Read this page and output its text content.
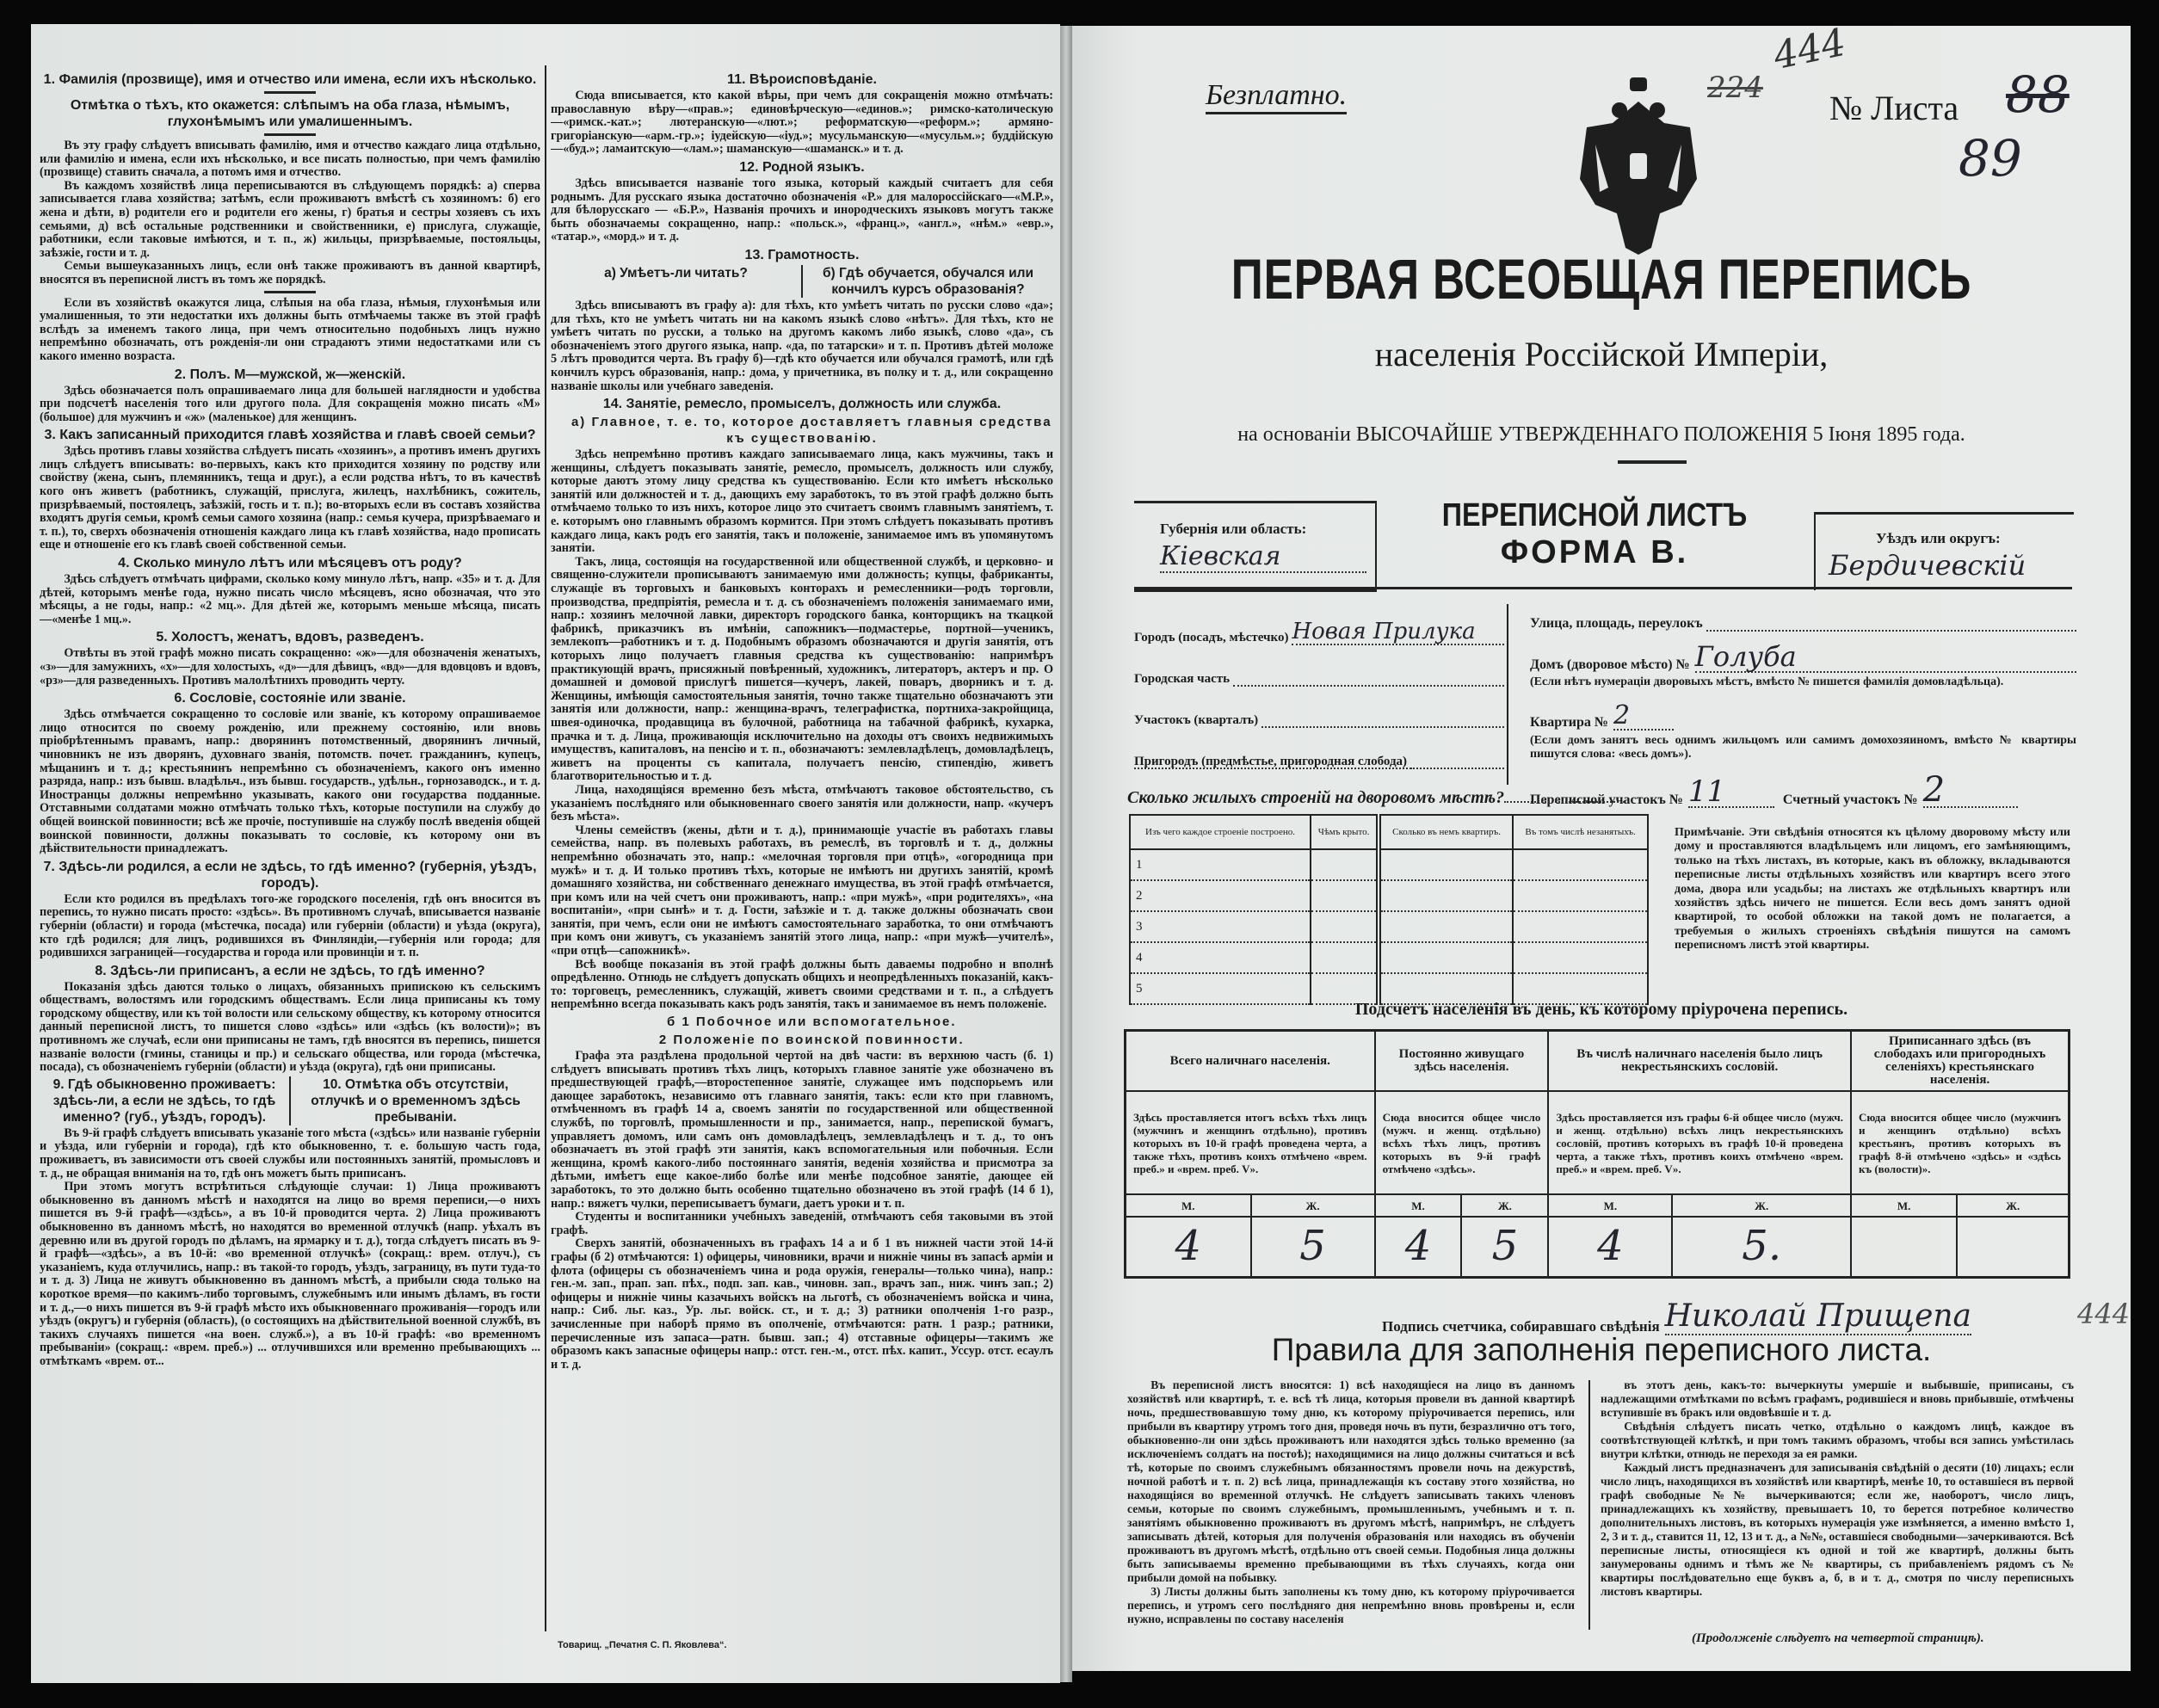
1. Фамилія (прозвище), имя и отчество или имена, если ихъ нѣсколько.
Отмѣтка о тѣхъ, кто окажется: слѣпымъ на оба глаза, нѣмымъ, глухонѣмымъ или умалишеннымъ.

Въ эту графу слѣдуетъ вписывать фамилію, имя и отчество каждаго лица отдѣльно, или фамилію и имена, если ихъ нѣсколько, и все писать полностью, при чемъ фамилію (прозвище) ставить сначала, а потомъ имя и отчество.

Въ каждомъ хозяйствѣ лица переписываются въ слѣдующемъ порядкѣ: а) сперва записывается глава хозяйства; затѣмъ, если проживаютъ вмѣстѣ съ хозяиномъ: б) его жена и дѣти, в) родители его и родители его жены, г) братья и сестры хозяевъ съ ихъ семьями, д) всѣ остальные родственники и свойственники, е) прислуга, служащіе, работники, если таковые имѣются, и т. п., ж) жильцы, призрѣваемые, постояльцы, заѣзжіе, гости и т. д.

Семьи вышеуказанныхъ лицъ, если онѣ также проживаютъ въ данной квартирѣ, вносятся въ переписной листъ въ томъ же порядкѣ.

Если въ хозяйствѣ окажутся лица, слѣпыя на оба глаза, нѣмыя, глухонѣмыя или умалишенныя, то эти недостатки ихъ должны быть отмѣчаемы также въ этой графѣ вслѣдъ за именемъ такого лица, при чемъ относительно подобныхъ лицъ нужно непремѣнно обозначать, отъ рожденія-ли они страдаютъ этими недостатками или съ какого именно возраста.

2. Полъ. М—мужской, ж—женскій.

Здѣсь обозначается полъ опрашиваемаго лица для большей наглядности и удобства при подсчетѣ населенія того или другого пола. Для сокращенія можно писать «М» (большое) для мужчинъ и «ж» (маленькое) для женщинъ.

3. Какъ записанный приходится главѣ хозяйства и главѣ своей семьи?

Здѣсь противъ главы хозяйства слѣдуетъ писать «хозяинъ», а противъ именъ другихъ лицъ слѣдуетъ вписывать: во-первыхъ, какъ кто приходится хозяину по родству или свойству (жена, сынъ, племянникъ, теща и друг.), а если родства нѣтъ, то въ качествѣ кого онъ живетъ (работникъ, служащій, прислуга, жилецъ, нахлѣбникъ, сожитель, призрѣваемый, постоялецъ, заѣзжій, гость и т. п.); во-вторыхъ если въ составъ хозяйства входятъ другія семьи, кромѣ семьи самого хозяина (напр.: семья кучера, призрѣваемаго и т. п.), то, сверхъ обозначенія отношенія каждаго лица къ главѣ хозяйства, надо прописать еще и отношеніе его къ главѣ своей собственной семьи.

4. Сколько минуло лѣтъ или мѣсяцевъ отъ роду?

Здѣсь слѣдуетъ отмѣчать цифрами, сколько кому минуло лѣтъ, напр. «35» и т. д. Для дѣтей, которымъ менѣе года, нужно писать число мѣсяцевъ, ясно обозначая, что это мѣсяцы, а не годы, напр.: «2 мц.». Для дѣтей же, которымъ меньше мѣсяца, писать—«менѣе 1 мц.».

5. Холостъ, женатъ, вдовъ, разведенъ.

Отвѣты въ этой графѣ можно писать сокращенно: «ж»—для обозначенія женатыхъ, «з»—для замужнихъ, «х»—для холостыхъ, «д»—для дѣвицъ, «вд»—для вдовцовъ и вдовъ, «рз»—для разведенныхъ. Противъ малолѣтнихъ проводить черту.

6. Сословіе, состояніе или званіе.

Здѣсь отмѣчается сокращенно то сословіе или званіе, къ которому опрашиваемое лицо относится по своему рожденію, или прежнему состоянію, или вновь пріобрѣтеннымъ правамъ, напр.: дворянинъ потомственный, дворянинъ личный, чиновникъ не изъ дворянъ, духовнаго званія, потомств. почет. гражданинъ, купецъ, мѣщанинъ и т. д.; крестьянинъ непремѣнно съ обозначеніемъ, какого онъ именно разряда, напр.: изъ бывш. владѣльч., изъ бывш. государств., удѣльн., горнозаводск., и т. д. Иностранцы должны непремѣнно указывать, какого они государства подданные. Отставными солдатами можно отмѣчать только тѣхъ, которые поступили на службу до общей воинской повинности; всѣ же прочіе, поступившіе на службу послѣ введенія общей воинской повинности, должны показывать то сословіе, къ которому они въ дѣйствительности принадлежатъ.

7. Здѣсь-ли родился, а если не здѣсь, то гдѣ именно? (губернія, уѣздъ, городъ).

Если кто родился въ предѣлахъ того-же городского поселенія, гдѣ онъ вносится въ перепись, то нужно писать просто: «здѣсь». Въ противномъ случаѣ, вписывается названіе губерніи (области) и города (мѣстечка, посада) или губерніи (области) и уѣзда (округа), кто гдѣ родился; для лицъ, родившихся въ Финляндіи,—губернія или города; для родившихся заграницей—государства и города или провинціи и т. п.

8. Здѣсь-ли приписанъ, а если не здѣсь, то гдѣ именно?

Показанія здѣсь даются только о лицахъ, обязанныхъ припискою къ сельскимъ обществамъ, волостямъ или городскимъ обществамъ. Если лица приписаны къ тому городскому обществу, или къ той волости или сельскому обществу, къ которому относится данный переписной листъ, то пишется слово «здѣсь» или «здѣсь (къ волости)»; въ противномъ же случаѣ, если они приписаны не тамъ, гдѣ вносятся въ перепись, пишется названіе волости (гмины, станицы и пр.) и сельскаго общества, или города (мѣстечка, посада), съ обозначеніемъ губерніи (области) и уѣзда (округа), гдѣ они приписаны.

9. Гдѣ обыкновенно проживаетъ: здѣсь-ли, а если не здѣсь, то гдѣ именно? (губ., уѣздъ, городъ).
10. Отмѣтка объ отсутствіи, отлучкѣ и о временномъ здѣсь пребываніи.

Въ 9-й графѣ слѣдуетъ вписывать указаніе того мѣста («здѣсь» или названіе губерніи и уѣзда, или губерніи и города), гдѣ кто обыкновенно, т. е. большую часть года, проживаетъ, въ зависимости отъ своей службы или постоянныхъ занятій, промысловъ и т. д., не обращая вниманія на то, гдѣ онъ можетъ быть приписанъ.

При этомъ могутъ встрѣтиться слѣдующіе случаи: 1) Лица проживаютъ обыкновенно въ данномъ мѣстѣ и находятся на лицо во время переписи,—о нихъ пишется въ 9-й графѣ—«здѣсь», а въ 10-й проводится черта. 2) Лица проживаютъ обыкновенно въ данномъ мѣстѣ, но находятся во временной отлучкѣ (напр. уѣхалъ въ деревню или въ другой городъ по дѣламъ, на ярмарку и т. д.), тогда слѣдуетъ писать въ 9-й графѣ—«здѣсь», а въ 10-й: «во временной отлучкѣ» (сокращ.: врем. отлуч.), съ указаніемъ, куда отлучились, напр.: въ такой-то городъ, уѣздъ, заграницу, въ пути туда-то и т. д. 3) Лица не живутъ обыкновенно въ данномъ мѣстѣ, а прибыли сюда только на короткое время—по какимъ-либо торговымъ, служебнымъ или инымъ дѣламъ, въ гости и т. д.,—о нихъ пишется въ 9-й графѣ мѣсто ихъ обыкновеннаго проживанія—городъ или уѣздъ (округъ) и губернія (область), (о состоящихъ на дѣйствительной военной службѣ, въ такихъ случаяхъ пишется «на воен. служб.»), а въ 10-й графѣ: «во временномъ пребываніи» (сокращ.: «врем. преб.») ... отлучившихся или временно пребывающихъ ... отмѣткамъ «врем. от...

11. Вѣроисповѣданіе.

Сюда вписывается, кто какой вѣры, при чемъ для сокращенія можно отмѣчать: православную вѣру—«прав.»; единовѣрческую—«единов.»; римско-католическую—«римск.-кат.»; лютеранскую—«лют.»; реформатскую—«реформ.»; армяно-григоріанскую—«арм.-гр.»; іудейскую—«іуд.»; мусульманскую—«мусульм.»; буддійскую—«буд.»; ламаитскую—«лам.»; шаманскую—«шаманск.» и т. д.

12. Родной языкъ.

Здѣсь вписывается названіе того языка, который каждый считаетъ для себя роднымъ. Для русскаго языка достаточно обозначенія «Р.» для малороссійскаго—«М.Р.», для бѣлорусскаго — «Б.Р.», Названія прочихъ и инородческихъ языковъ могутъ также быть обозначаемы сокращенно, напр.: «польск.», «франц.», «англ.», «нѣм.» «евр.», «татар.», «морд.» и т. д.

13. Грамотность.
а) Умѣетъ-ли читать?	б) Гдѣ обучается, обучался или кончилъ курсъ образованія?

Здѣсь вписываютъ въ графу а): для тѣхъ, кто умѣетъ читать по русски слово «да»; для тѣхъ, кто не умѣетъ читать ни на какомъ языкѣ слово «нѣтъ». Для тѣхъ, кто не умѣетъ читать по русски, а только на другомъ какомъ либо языкѣ, слово «да», съ обозначеніемъ этого другого языка, напр. «да, по татарски» и т. п. Противъ дѣтей моложе 5 лѣтъ проводится черта. Въ графу б)—гдѣ кто обучается или обучался грамотѣ, или гдѣ кончилъ курсъ образованія, напр.: дома, у причетника, въ полку и т. д., или сокращенно названіе школы или учебнаго заведенія.

14. Занятіе, ремесло, промыселъ, должность или служба.
а) Главное, т. е. то, которое доставляетъ главныя средства къ существованію.

Здѣсь непремѣнно противъ каждаго записываемаго лица, какъ мужчины, такъ и женщины, слѣдуетъ показывать занятіе, ремесло, промыселъ, должность или службу, которые даютъ этому лицу средства къ существованію. Если кто имѣетъ нѣсколько занятій или должностей и т. д., дающихъ ему заработокъ, то въ этой графѣ должно быть отмѣчаемо только то изъ нихъ, которое лицо это считаетъ своимъ главнымъ занятіемъ, т. е. которымъ оно главнымъ образомъ кормится. При этомъ слѣдуетъ показывать противъ каждаго лица, какъ родъ его занятія, такъ и положеніе, занимаемое имъ въ упомянутомъ занятіи.

Такъ, лица, состоящія на государственной или общественной службѣ, и церковно- и священно-служители прописываютъ занимаемую ими должность; купцы, фабриканты, служащіе въ торговыхъ и банковыхъ конторахъ и ремесленники—родъ торговли, производства, предпріятія, ремесла и т. д. съ обозначеніемъ положенія занимаемаго ими, напр.: хозяинъ мелочной лавки, директоръ городского банка, конторщикъ на ткацкой фабрикѣ, приказчикъ въ имѣніи, сапожникъ—подмастерье, портной—ученикъ, землекопъ—работникъ и т. д. Подобнымъ образомъ обозначаются и другія занятія, отъ которыхъ лицо получаетъ главныя средства къ существованію: напримѣръ практикующій врачъ, присяжный повѣренный, художникъ, литераторъ, актеръ и пр. О домашней и домовой прислугѣ пишется—кучеръ, лакей, поваръ, дворникъ и т. д. Женщины, имѣющія самостоятельныя занятія, точно также тщательно обозначаютъ эти занятія или должности, напр.: женщина-врачъ, телеграфистка, портниха-закройщица, швея-одиночка, продавщица въ булочной, работница на табачной фабрикѣ, кухарка, прачка и т. д. Лица, проживающія исключительно на доходы отъ своихъ недвижимыхъ имуществъ, капиталовъ, на пенсію и т. п., обозначаютъ: землевладѣлецъ, домовладѣлецъ, живетъ на проценты съ капитала, получаетъ пенсію, стипендію, живетъ благотворительностью и т. д.

Лица, находящіяся временно безъ мѣста, отмѣчаютъ таковое обстоятельство, съ указаніемъ послѣдняго или обыкновеннаго своего занятія или должности, напр. «кучеръ безъ мѣста».

Члены семействъ (жены, дѣти и т. д.), принимающіе участіе въ работахъ главы семейства, напр. въ полевыхъ работахъ, въ ремеслѣ, въ торговлѣ и т. д., должны непремѣнно обозначать это, напр.: «мелочная торговля при отцѣ», «огородница при мужѣ» и т. д. И только противъ тѣхъ, которые не имѣютъ ни другихъ занятій, кромѣ домашняго хозяйства, ни собственнаго денежнаго имущества, въ этой графѣ отмѣчается, при комъ или на чей счетъ они проживаютъ, напр.: «при мужѣ», «при родителяхъ», «на воспитаніи», «при сынѣ» и т. д. Гости, заѣзжіе и т. д. также должны обозначать свои занятія, при чемъ, если они не имѣютъ самостоятельнаго заработка, то они отмѣчаютъ при комъ они живутъ, съ указаніемъ занятій этого лица, напр.: «при мужѣ—учителѣ», «при отцѣ—сапожникѣ».

Всѣ вообще показанія въ этой графѣ должны быть даваемы подробно и вполнѣ опредѣленно. Отнюдь не слѣдуетъ допускать общихъ и неопредѣленныхъ показаній, какъ-то: торговецъ, ремесленникъ, служащій, живетъ своими средствами и т. п., а слѣдуетъ непремѣнно всегда показывать какъ родъ занятія, такъ и занимаемое въ немъ положеніе.

б 1 Побочное или вспомогательное.
2 Положеніе по воинской повинности.

Графа эта раздѣлена продольной чертой на двѣ части: въ верхнюю часть (б. 1) слѣдуетъ вписывать противъ тѣхъ лицъ, которыхъ главное занятіе уже обозначено въ предшествующей графѣ,—второстепенное занятіе, служащее имъ подспорьемъ или дающее заработокъ, независимо отъ главнаго занятія, такъ: если кто при главномъ, отмѣченномъ въ графѣ 14 а, своемъ занятіи по государственной или общественной службѣ, по торговлѣ, промышленности и пр., занимается, напр., перепиской бумагъ, управляетъ домомъ, или самъ онъ домовладѣлецъ, землевладѣлецъ и т. д., то онъ обозначаетъ въ этой графѣ эти занятія, какъ вспомогательныя или побочныя. Если женщина, кромѣ какого-либо постояннаго занятія, веденія хозяйства и присмотра за дѣтьми, имѣетъ еще какое-либо болѣе или менѣе подсобное занятіе, дающее ей заработокъ, то это должно быть особенно тщательно обозначено въ этой графѣ (14 б 1), напр.: вяжетъ чулки, переписываетъ бумаги, даетъ уроки и т. п.

Студенты и воспитанники учебныхъ заведеній, отмѣчаютъ себя таковыми въ этой графѣ.

Сверхъ занятій, обозначенныхъ въ графахъ 14 а и б 1 въ нижней части этой 14-й графы (б 2) отмѣчаются: 1) офицеры, чиновники, врачи и нижніе чины въ запасѣ арміи и флота (офицеры съ обозначеніемъ чина и рода оружія, генералы—только чина), напр.: ген.-м. зап., прап. зап. пѣх., подп. зап. кав., чиновн. зап., врачъ зап., ниж. чинъ зап.; 2) офицеры и нижніе чины казачьихъ войскъ на льготѣ, съ обозначеніемъ войска и чина, напр.: Сиб. льг. каз., Ур. льг. войск. ст., и т. д.; 3) ратники ополченія 1-го разр., зачисленные при наборѣ прямо въ ополченіе, отмѣчаются: ратн. 1 разр.; ратники, перечисленные изъ запаса—ратн. бывш. зап.; 4) отставные офицеры—такимъ же образомъ какъ запасные офицеры напр.: отст. ген.-м., отст. пѣх. капит., Уссур. отст. есаулъ и т. д.

Товарищ. „Печатня С. П. Яковлева“.
Безплатно.	224
444
№ Листа 88
89
ПЕРВАЯ ВСЕОБЩАЯ ПЕРЕПИСЬ
населенія Россійской Имперіи,
на основаніи ВЫСОЧАЙШЕ УТВЕРЖДЕННАГО ПОЛОЖЕНІЯ 5 Іюня 1895 года.
Губернія или область:
Кіевская
ПЕРЕПИСНОЙ ЛИСТЪ
ФОРМА В.	Уѣздъ или округъ:
Бердичевскій
Городъ (посадъ, мѣстечко) Новая Прилука
Городская часть
Участокъ (кварталъ)
Пригородъ (предмѣстье, пригородная слобода)
Улица, площадь, переулокъ
Домъ (дворовое мѣсто) № Голуба
(Если нѣтъ нумераціи дворовыхъ мѣстъ, вмѣсто № пишется фамилія домовладѣльца).
Квартира № 2
(Если домъ занятъ весь однимъ жильцомъ или самимъ домохозяиномъ, вмѣсто № квартиры пишутся слова: «весь домъ»).
Переписной участокъ № 11	Счетный участокъ № 2
Сколько жилыхъ строеній на дворовомъ мѣстѣ?
Изъ чего каждое строеніе построено.	Чѣмъ крыто.	Сколько въ немъ квартиръ.	Въ томъ числѣ незанятыхъ.
1			
2			
3			
4			
5			
Примѣчаніе. Эти свѣдѣнія относятся къ цѣлому дворовому мѣсту или дому и проставляются владѣльцемъ или лицомъ, его замѣняющимъ, только на тѣхъ листахъ, въ которые, какъ въ обложку, вкладываются переписные листы отдѣльныхъ хозяйствъ или квартиръ всего этого дома, двора или усадьбы; на листахъ же отдѣльныхъ квартиръ или хозяйствъ здѣсь ничего не пишется. Если весь домъ занятъ одной квартирой, то особой обложки на такой домъ не полагается, а требуемыя о жилыхъ строеніяхъ свѣдѣнія пишутся на самомъ переписномъ листѣ этой квартиры.
Подсчетъ населенія въ день, къ которому пріурочена перепись.
Всего наличнаго населенія.		Постоянно живущаго здѣсь населенія.		Въ числѣ наличнаго населенія было лицъ некрестьянскихъ сословій.		Приписаннаго здѣсь (въ слободахъ или пригородныхъ селеніяхъ) крестьянскаго населенія.	
Здѣсь проставляется итогъ всѣхъ тѣхъ лицъ (мужчинъ и женщинъ отдѣльно), противъ которыхъ въ 10-й графѣ проведена черта, а также тѣхъ, противъ коихъ отмѣчено «врем. преб.» и «врем. преб. V».		Сюда вносится общее число (мужч. и женщ. отдѣльно) всѣхъ тѣхъ лицъ, противъ которыхъ въ 9-й графѣ отмѣчено «здѣсь».		Здѣсь проставляется изъ графы 6-й общее число (мужч. и женщ. отдѣльно) всѣхъ лицъ некрестьянскихъ сословій, противъ которыхъ въ графѣ 10-й проведена черта, а также тѣхъ, противъ коихъ отмѣчено «врем. преб.» и «врем. преб. V».		Сюда вносится общее число (мужчинъ и женщинъ отдѣльно) всѣхъ крестьянъ, противъ которыхъ въ графѣ 8-й отмѣчено «здѣсь» и «здѣсь къ (волости)».	
М.	Ж.	М.	Ж.	М.	Ж.	М.	Ж.
4	5	4	5	4	5.		
Подпись счетчика, собиравшаго свѣдѣнія Николай Прищепа	444
Правила для заполненія переписного листа.

Въ переписной листъ вносятся: 1) всѣ находящіеся на лицо въ данномъ хозяйствѣ или квартирѣ, т. е. всѣ тѣ лица, которыя провели въ данной квартирѣ ночь, предшествовавшую тому дню, къ которому пріурочивается перепись, или прибыли въ квартиру утромъ того дня, проведя ночь въ пути, безразлично отъ того, обыкновенно-ли они здѣсь проживаютъ или находятся здѣсь только временно (за исключеніемъ солдатъ на постоѣ); находящимися на лицо должны считаться и всѣ тѣ, которые по своимъ служебнымъ обязанностямъ провели ночь на дежурствѣ, ночной работѣ и т. п. 2) всѣ лица, принадлежащія къ составу этого хозяйства, но находящіяся во временной отлучкѣ. Не слѣдуетъ записывать такихъ членовъ семьи, которые по своимъ служебнымъ, промышленнымъ, учебнымъ и т. п. занятіямъ обыкновенно проживаютъ въ другомъ мѣстѣ, напримѣръ, не слѣдуетъ записывать дѣтей, которыя для полученія образованія или находясь въ обученіи проживаютъ въ другомъ мѣстѣ, отдѣльно отъ своей семьи. Подобныя лица должны быть записываемы временно пребывающими въ тѣхъ случаяхъ, когда они прибыли домой на побывку.

3) Листы должны быть заполнены къ тому дню, къ которому пріурочивается перепись, и утромъ сего послѣдняго дня непремѣнно вновь провѣрены и, если нужно, исправлены по составу населенія

въ этотъ день, какъ-то: вычеркнуты умершіе и выбывшіе, приписаны, съ надлежащими отмѣтками по всѣмъ графамъ, родившіеся и вновь прибывшіе, отмѣчены вступившіе въ бракъ или овдовѣвшіе и т. д.

Свѣдѣнія слѣдуетъ писать четко, отдѣльно о каждомъ лицѣ, каждое въ соотвѣтствующей клѣткѣ, и при томъ такимъ образомъ, чтобы вся запись умѣстилась внутри клѣтки, отнюдь не переходя за ея рамки.

Каждый листъ предназначенъ для записыванія свѣдѣній о десяти (10) лицахъ; если число лицъ, находящихся въ хозяйствѣ или квартирѣ, менѣе 10, то оставшіеся въ первой графѣ свободные №№ вычеркиваются; если же, наоборотъ, число лицъ, принадлежащихъ къ хозяйству, превышаетъ 10, то берется потребное количество дополнительныхъ листовъ, въ которыхъ нумерація уже измѣняется, а именно вмѣсто 1, 2, 3 и т. д., ставится 11, 12, 13 и т. д., а №№, оставшіеся свободными—зачеркиваются. Всѣ переписные листы, относящіеся къ одной и той же квартирѣ, должны быть занумерованы однимъ и тѣмъ же № квартиры, съ прибавленіемъ рядомъ съ № квартиры послѣдовательно еще буквъ а, б, в и т. д., смотря по числу переписныхъ листовъ квартиры.

(Продолженіе слѣдуетъ на четвертой страницѣ).
